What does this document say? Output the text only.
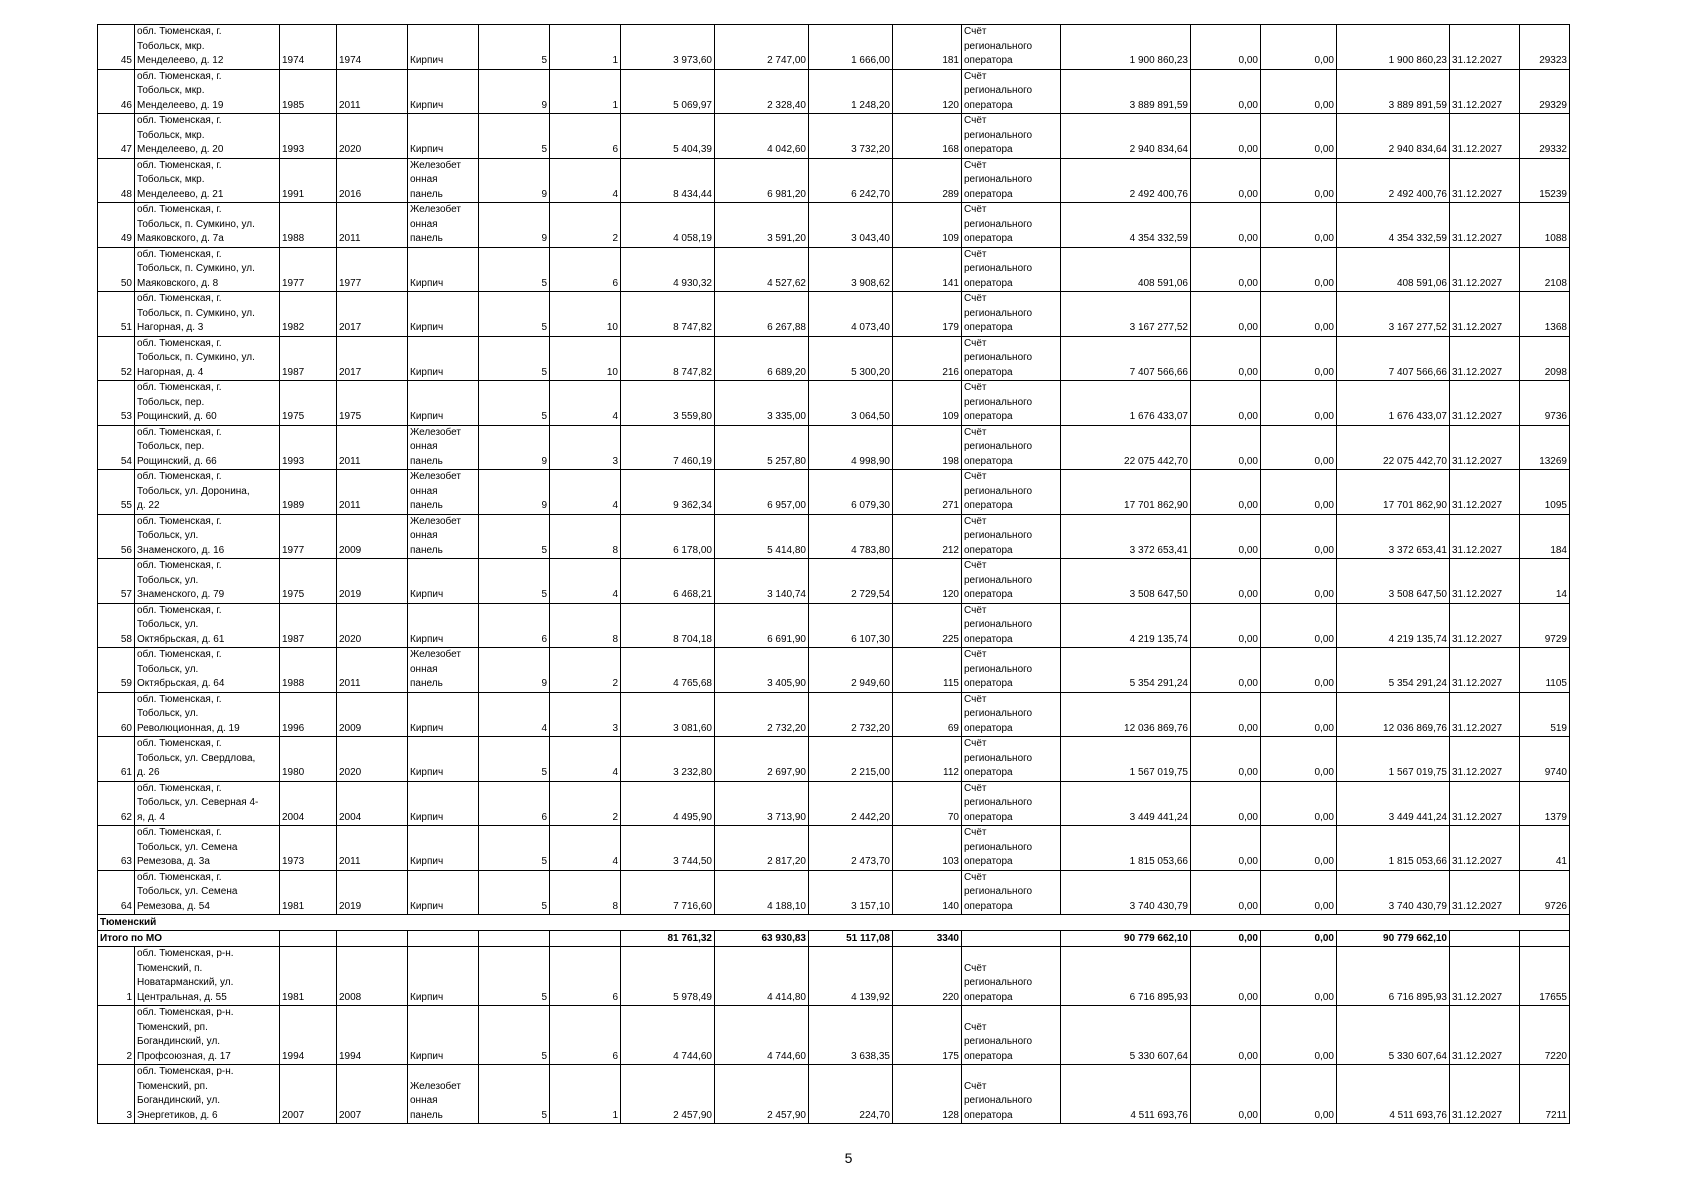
45	обл. Тюменская, г.
Тобольск, мкр.
Менделеево, д. 12	1974	1974	Кирпич	5	1	3 973,60	2 747,00	1 666,00	181	Счёт
регионального
оператора	1 900 860,23	0,00	0,00	1 900 860,23	31.12.2027	29323
46	обл. Тюменская, г.
Тобольск, мкр.
Менделеево, д. 19	1985	2011	Кирпич	9	1	5 069,97	2 328,40	1 248,20	120	Счёт
регионального
оператора	3 889 891,59	0,00	0,00	3 889 891,59	31.12.2027	29329
47	обл. Тюменская, г.
Тобольск, мкр.
Менделеево, д. 20	1993	2020	Кирпич	5	6	5 404,39	4 042,60	3 732,20	168	Счёт
регионального
оператора	2 940 834,64	0,00	0,00	2 940 834,64	31.12.2027	29332
48	обл. Тюменская, г.
Тобольск, мкр.
Менделеево, д. 21	1991	2016	Железобет
онная
панель	9	4	8 434,44	6 981,20	6 242,70	289	Счёт
регионального
оператора	2 492 400,76	0,00	0,00	2 492 400,76	31.12.2027	15239
49	обл. Тюменская, г.
Тобольск, п. Сумкино, ул.
Маяковского, д. 7а	1988	2011	Железобет
онная
панель	9	2	4 058,19	3 591,20	3 043,40	109	Счёт
регионального
оператора	4 354 332,59	0,00	0,00	4 354 332,59	31.12.2027	1088
50	обл. Тюменская, г.
Тобольск, п. Сумкино, ул.
Маяковского, д. 8	1977	1977	Кирпич	5	6	4 930,32	4 527,62	3 908,62	141	Счёт
регионального
оператора	408 591,06	0,00	0,00	408 591,06	31.12.2027	2108
51	обл. Тюменская, г.
Тобольск, п. Сумкино, ул.
Нагорная, д. 3	1982	2017	Кирпич	5	10	8 747,82	6 267,88	4 073,40	179	Счёт
регионального
оператора	3 167 277,52	0,00	0,00	3 167 277,52	31.12.2027	1368
52	обл. Тюменская, г.
Тобольск, п. Сумкино, ул.
Нагорная, д. 4	1987	2017	Кирпич	5	10	8 747,82	6 689,20	5 300,20	216	Счёт
регионального
оператора	7 407 566,66	0,00	0,00	7 407 566,66	31.12.2027	2098
53	обл. Тюменская, г.
Тобольск, пер.
Рощинский, д. 60	1975	1975	Кирпич	5	4	3 559,80	3 335,00	3 064,50	109	Счёт
регионального
оператора	1 676 433,07	0,00	0,00	1 676 433,07	31.12.2027	9736
54	обл. Тюменская, г.
Тобольск, пер.
Рощинский, д. 66	1993	2011	Железобет
онная
панель	9	3	7 460,19	5 257,80	4 998,90	198	Счёт
регионального
оператора	22 075 442,70	0,00	0,00	22 075 442,70	31.12.2027	13269
55	обл. Тюменская, г.
Тобольск, ул. Доронина,
д. 22	1989	2011	Железобет
онная
панель	9	4	9 362,34	6 957,00	6 079,30	271	Счёт
регионального
оператора	17 701 862,90	0,00	0,00	17 701 862,90	31.12.2027	1095
56	обл. Тюменская, г.
Тобольск, ул.
Знаменского, д. 16	1977	2009	Железобет
онная
панель	5	8	6 178,00	5 414,80	4 783,80	212	Счёт
регионального
оператора	3 372 653,41	0,00	0,00	3 372 653,41	31.12.2027	184
57	обл. Тюменская, г.
Тобольск, ул.
Знаменского, д. 79	1975	2019	Кирпич	5	4	6 468,21	3 140,74	2 729,54	120	Счёт
регионального
оператора	3 508 647,50	0,00	0,00	3 508 647,50	31.12.2027	14
58	обл. Тюменская, г.
Тобольск, ул.
Октябрьская, д. 61	1987	2020	Кирпич	6	8	8 704,18	6 691,90	6 107,30	225	Счёт
регионального
оператора	4 219 135,74	0,00	0,00	4 219 135,74	31.12.2027	9729
59	обл. Тюменская, г.
Тобольск, ул.
Октябрьская, д. 64	1988	2011	Железобет
онная
панель	9	2	4 765,68	3 405,90	2 949,60	115	Счёт
регионального
оператора	5 354 291,24	0,00	0,00	5 354 291,24	31.12.2027	1105
60	обл. Тюменская, г.
Тобольск, ул.
Революционная, д. 19	1996	2009	Кирпич	4	3	3 081,60	2 732,20	2 732,20	69	Счёт
регионального
оператора	12 036 869,76	0,00	0,00	12 036 869,76	31.12.2027	519
61	обл. Тюменская, г.
Тобольск, ул. Свердлова,
д. 26	1980	2020	Кирпич	5	4	3 232,80	2 697,90	2 215,00	112	Счёт
регионального
оператора	1 567 019,75	0,00	0,00	1 567 019,75	31.12.2027	9740
62	обл. Тюменская, г.
Тобольск, ул. Северная 4-
я, д. 4	2004	2004	Кирпич	6	2	4 495,90	3 713,90	2 442,20	70	Счёт
регионального
оператора	3 449 441,24	0,00	0,00	3 449 441,24	31.12.2027	1379
63	обл. Тюменская, г.
Тобольск, ул. Семена
Ремезова, д. 3а	1973	2011	Кирпич	5	4	3 744,50	2 817,20	2 473,70	103	Счёт
регионального
оператора	1 815 053,66	0,00	0,00	1 815 053,66	31.12.2027	41
64	обл. Тюменская, г.
Тобольск, ул. Семена
Ремезова, д. 54	1981	2019	Кирпич	5	8	7 716,60	4 188,10	3 157,10	140	Счёт
регионального
оператора	3 740 430,79	0,00	0,00	3 740 430,79	31.12.2027	9726
Тюменский																	
Итого по МО							81 761,32	63 930,83	51 117,08	3340		90 779 662,10	0,00	0,00	90 779 662,10		
1	обл. Тюменская, р-н.
Тюменский, п.
Новатарманский, ул.
Центральная, д. 55	1981	2008	Кирпич	5	6	5 978,49	4 414,80	4 139,92	220	Счёт
регионального
оператора	6 716 895,93	0,00	0,00	6 716 895,93	31.12.2027	17655
2	обл. Тюменская, р-н.
Тюменский, рп.
Богандинский, ул.
Профсоюзная, д. 17	1994	1994	Кирпич	5	6	4 744,60	4 744,60	3 638,35	175	Счёт
регионального
оператора	5 330 607,64	0,00	0,00	5 330 607,64	31.12.2027	7220
3	обл. Тюменская, р-н.
Тюменский, рп.
Богандинский, ул.
Энергетиков, д. 6	2007	2007	Железобет
онная
панель	5	1	2 457,90	2 457,90	224,70	128	Счёт
регионального
оператора	4 511 693,76	0,00	0,00	4 511 693,76	31.12.2027	7211
5
